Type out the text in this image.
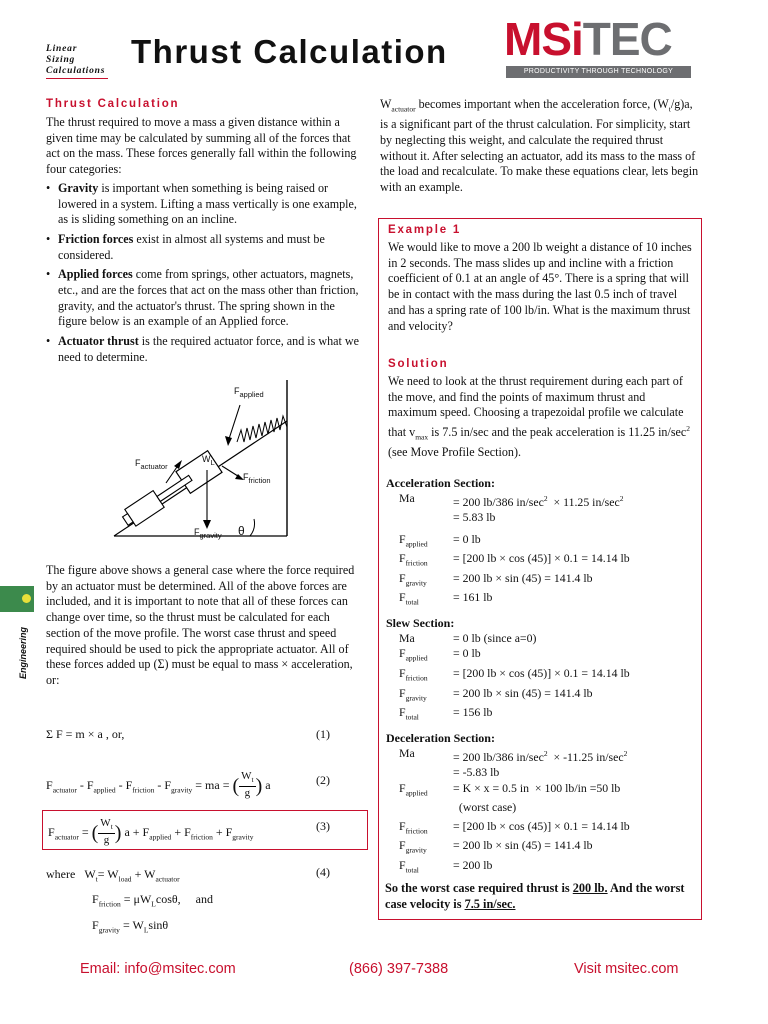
Linear
Sizing
Calculations
Thrust Calculation MSiTEC
PRODUCTIVITY THROUGH TECHNOLOGY
Thrust Calculation

The thrust required to move a mass a given distance within a given time may be calculated by summing all of the forces that act on the mass. These forces generally fall within the following four categories:

• Gravity is important when something is being raised or lowered in a system. Lifting a mass vertically is one example, as is sliding something on an incline.
• Friction forces exist in almost all systems and must be considered.
• Applied forces come from springs, other actuators, magnets, etc., and are the forces that act on the mass other than friction, gravity, and the actuator's thrust. The spring shown in the figure below is an example of an Applied force.
• Actuator thrust is the required actuator force, and is what we need to determine.
$F_{applied}$
$F_{actuator}$
$W_L$
$F_{friction}$
$F_{gravity}$ θ
The figure above shows a general case where the force required by an actuator must be determined. All of the above forces are included, and it is important to note that all of these forces can change over time, so the thrust must be calculated for each section of the move profile. The worst case thrust and speed required should be used to pick the appropriate actuator. All of these forces added up (Σ) must be equal to mass × acceleration, or:
Σ F = m × a , or,	(1)
$F_{actuator} - F_{applied} - F_{friction} - F_{gravity}$ = ma = ( $\frac{W_t}{g}$ ) a	(2)
$F_{actuator}$ = ( $\frac{W_t}{g}$ ) $a + F_{applied} + F_{friction} + F_{gravity}$
(3)
where   $W_t= W_{load} + W_{actuator}$
$F_{friction} = \mu W_L\cos\theta$,     and
$F_{gravity} = W_L\sin\theta$
(4)
Engineering
$W_{actuator}$ becomes important when the acceleration force, $(W_t/g)a$, is a significant part of the thrust calculation. For simplicity, start by neglecting this weight, and calculate the required thrust without it. After selecting an actuator, add its mass to the mass of the load and recalculate. To make these equations clear, lets begin with an example.
Example 1
We would like to move a 200 lb weight a distance of 10 inches in 2 seconds. The mass slides up and incline with a friction coefficient of 0.1 at an angle of 45°. There is a spring that will be in contact with the mass during the last 0.5 inch of travel and has a spring rate of 100 lb/in. What is the maximum thrust and velocity?
Solution
We need to look at the thrust requirement during each part of the move, and find the points of maximum thrust and maximum speed. Choosing a trapezoidal profile we calculate that $v_{max}$ is 7.5 in/sec and the peak acceleration is 11.25 $in/\sec^2$ (see Move Profile Section).
Acceleration Section:
Ma	= 200 lb/386 $in/\sec^2 \times 11.25$ $in/\sec^2$
= 5.83 lb
$F_{applied}$	= 0 lb
$F_{friction}$	= [200 lb × cos (45)] × 0.1 = 14.14 lb
$F_{gravity}$	= 200 lb × sin (45) = 141.4 lb
$F_{total}$	= 161 lb
Slew Section:
Ma	= 0 lb (since a=0)
$F_{applied}$	= 0 lb
$F_{friction}$	= [200 lb × cos (45)] × 0.1 = 14.14 lb
$F_{gravity}$	= 200 lb × sin (45) = 141.4 lb
$F_{total}$	= 156 lb
Deceleration Section:
Ma	= 200 lb/386 $in/\sec^2 \times -11.25$ $in/\sec^2$
= -5.83 lb
$F_{applied}$	= K × x = 0.5 in  × 100 lb/in =50 lb
(worst case)
$F_{friction}$	= [200 lb × cos (45)] × 0.1 = 14.14 lb
$F_{gravity}$	= 200 lb × sin (45) = 141.4 lb
$F_{total}$	= 200 lb
So the worst case required thrust is 200 lb. And the worst case velocity is 7.5 in/sec.
Email: info@msitec.com	(866) 397-7388	Visit msitec.com
